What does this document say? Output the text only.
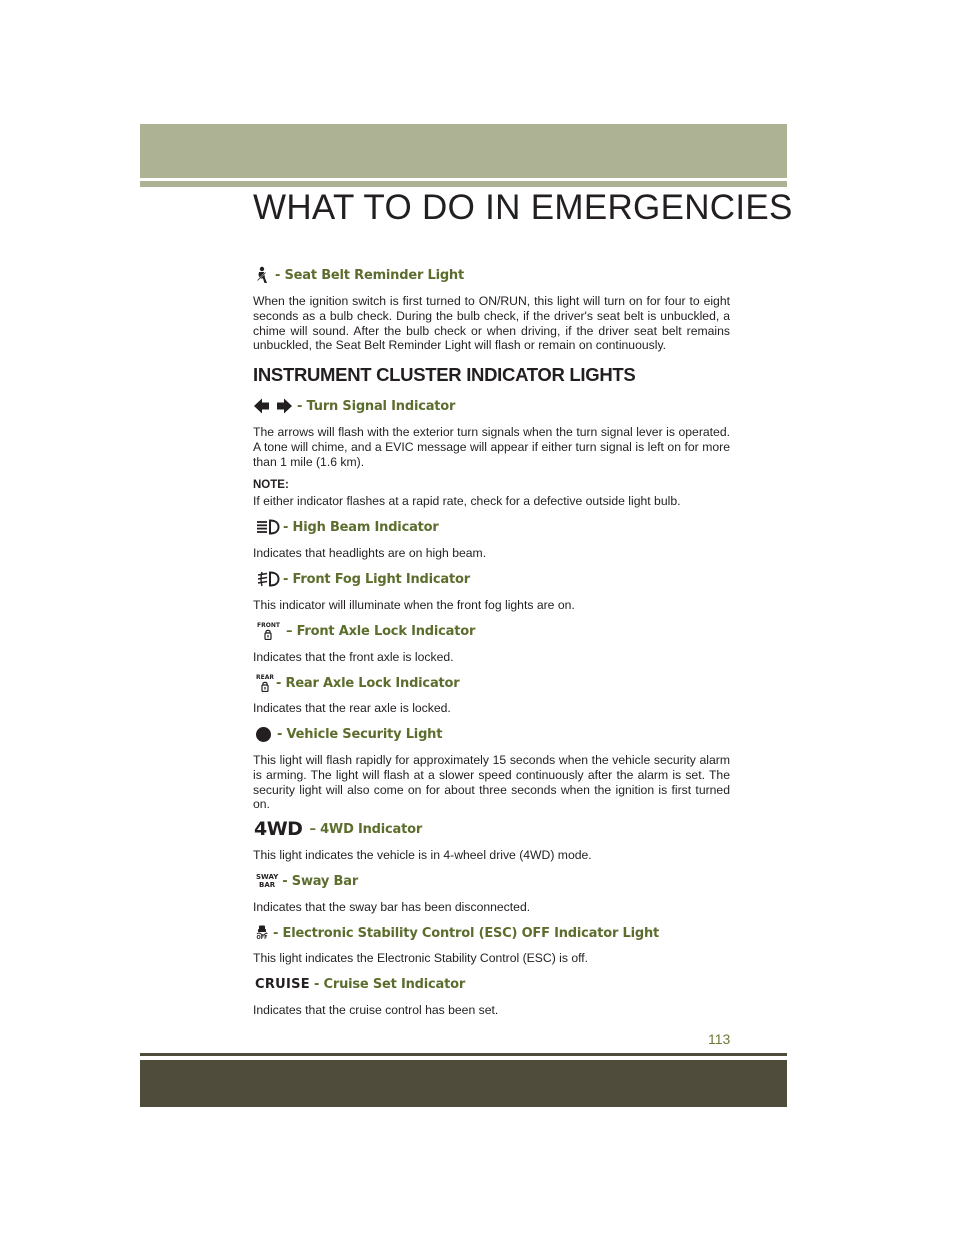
WHAT TO DO IN EMERGENCIES
- Seat Belt Reminder Light

When the ignition switch is first turned to ON/RUN, this light will turn on for four to eight seconds as a bulb check. During the bulb check, if the driver's seat belt is unbuckled, a chime will sound. After the bulb check or when driving, if the driver seat belt remains unbuckled, the Seat Belt Reminder Light will flash or remain on continuously.

INSTRUMENT CLUSTER INDICATOR LIGHTS
- Turn Signal Indicator

The arrows will flash with the exterior turn signals when the turn signal lever is operated. A tone will chime, and a EVIC message will appear if either turn signal is left on for more than 1 mile (1.6 km).

NOTE:

If either indicator flashes at a rapid rate, check for a defective outside light bulb.

- High Beam Indicator

Indicates that headlights are on high beam.

- Front Fog Light Indicator

This indicator will illuminate when the front fog lights are on.

FRONT – Front Axle Lock Indicator

Indicates that the front axle is locked.

REAR - Rear Axle Lock Indicator

Indicates that the rear axle is locked.

- Vehicle Security Light

This light will flash rapidly for approximately 15 seconds when the vehicle security alarm is arming. The light will flash at a slower speed continuously after the alarm is set. The security light will also come on for about three seconds when the ignition is first turned on.

4WD – 4WD Indicator

This light indicates the vehicle is in 4-wheel drive (4WD) mode.

SWAY
BAR - Sway Bar

Indicates that the sway bar has been disconnected.

OFF - Electronic Stability Control (ESC) OFF Indicator Light

This light indicates the Electronic Stability Control (ESC) is off.

CRUISE - Cruise Set Indicator

Indicates that the cruise control has been set.

113
